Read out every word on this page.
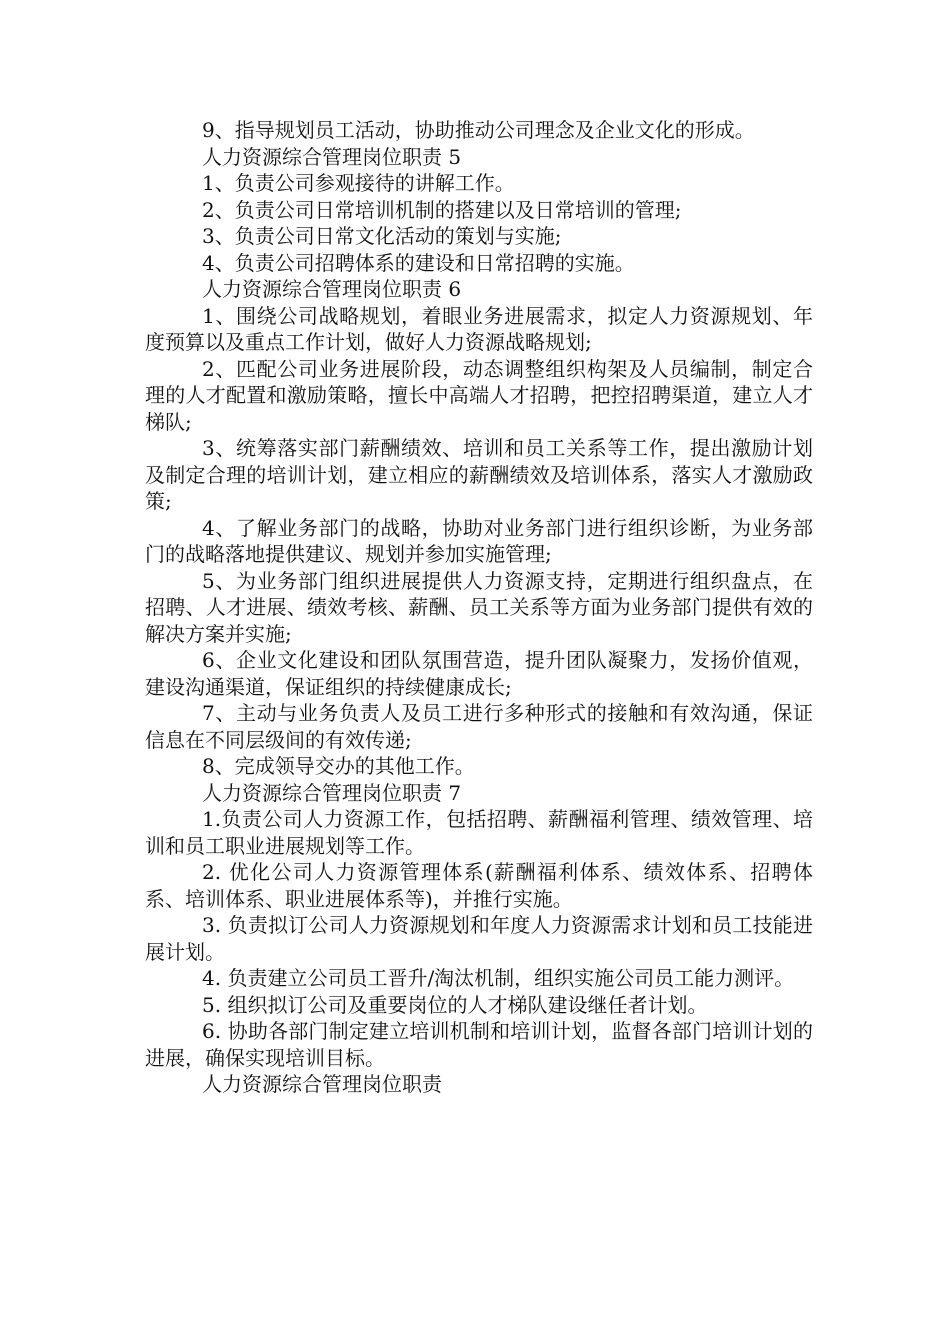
9、指导规划员工活动，协助推动公司理念及企业文化的形成。

人力资源综合管理岗位职责 5

1、负责公司参观接待的讲解工作。

2、负责公司日常培训机制的搭建以及日常培训的管理;

3、负责公司日常文化活动的策划与实施;

4、负责公司招聘体系的建设和日常招聘的实施。

人力资源综合管理岗位职责 6

1、围绕公司战略规划，着眼业务进展需求，拟定人力资源规划、年度预算以及重点工作计划，做好人力资源战略规划;

2、匹配公司业务进展阶段，动态调整组织构架及人员编制，制定合理的人才配置和激励策略，擅长中高端人才招聘，把控招聘渠道，建立人才梯队;

3、统筹落实部门薪酬绩效、培训和员工关系等工作，提出激励计划及制定合理的培训计划，建立相应的薪酬绩效及培训体系，落实人才激励政策;

4、了解业务部门的战略，协助对业务部门进行组织诊断，为业务部门的战略落地提供建议、规划并参加实施管理;

5、为业务部门组织进展提供人力资源支持，定期进行组织盘点，在招聘、人才进展、绩效考核、薪酬、员工关系等方面为业务部门提供有效的解决方案并实施;

6、企业文化建设和团队氛围营造，提升团队凝聚力，发扬价值观，建设沟通渠道，保证组织的持续健康成长;

7、主动与业务负责人及员工进行多种形式的接触和有效沟通，保证信息在不同层级间的有效传递;

8、完成领导交办的其他工作。

人力资源综合管理岗位职责 7

1.负责公司人力资源工作，包括招聘、薪酬福利管理、绩效管理、培训和员工职业进展规划等工作。

2. 优化公司人力资源管理体系(薪酬福利体系、绩效体系、招聘体系、培训体系、职业进展体系等)，并推行实施。

3. 负责拟订公司人力资源规划和年度人力资源需求计划和员工技能进展计划。

4. 负责建立公司员工晋升/淘汰机制，组织实施公司员工能力测评。

5. 组织拟订公司及重要岗位的人才梯队建设继任者计划。

6. 协助各部门制定建立培训机制和培训计划，监督各部门培训计划的进展，确保实现培训目标。

人力资源综合管理岗位职责
